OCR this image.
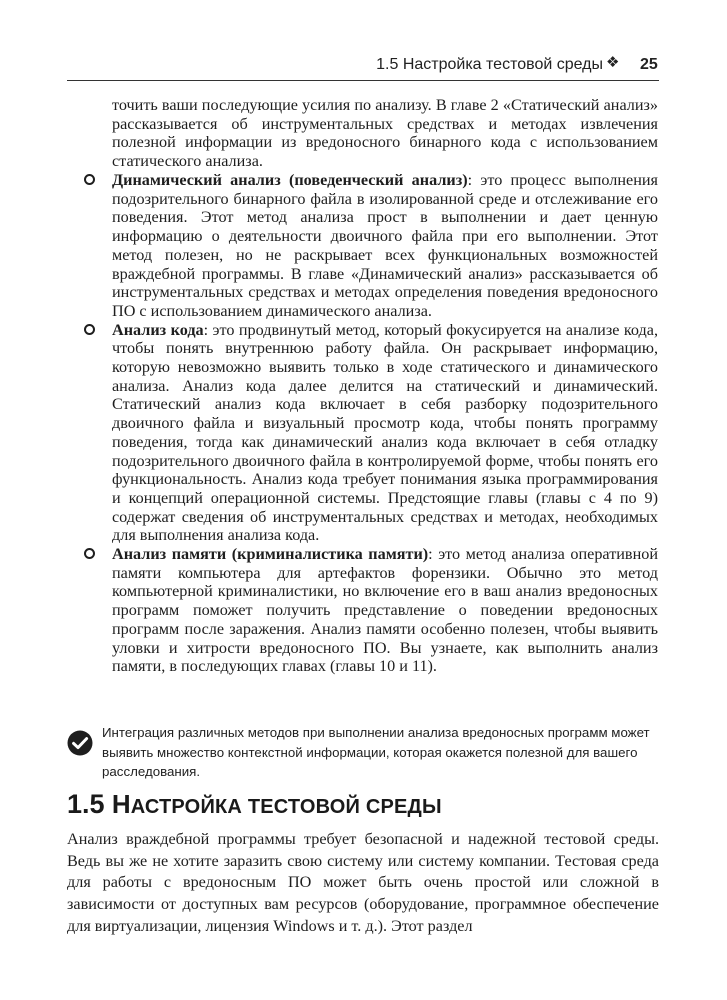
1.5 Настройка тестовой среды ❖ 25

точить ваши последующие усилия по анализу. В главе 2 «Статический анализ» рассказывается об инструментальных средствах и методах извлечения полезной информации из вредоносного бинарного кода с использованием статического анализа.

Динамический анализ (поведенческий анализ): это процесс выполнения подозрительного бинарного файла в изолированной среде и отслеживание его поведения. Этот метод анализа прост в выполнении и дает ценную информацию о деятельности двоичного файла при его выполнении. Этот метод полезен, но не раскрывает всех функциональных возможностей враждебной программы. В главе «Динамический анализ» рассказывается об инструментальных средствах и методах определения поведения вредоносного ПО с использованием динамического анализа.
Анализ кода: это продвинутый метод, который фокусируется на анализе кода, чтобы понять внутреннюю работу файла. Он раскрывает информацию, которую невозможно выявить только в ходе статического и динамического анализа. Анализ кода далее делится на статический и динамический. Статический анализ кода включает в себя разборку подозрительного двоичного файла и визуальный просмотр кода, чтобы понять программу поведения, тогда как динамический анализ кода включает в себя отладку подозрительного двоичного файла в контролируемой форме, чтобы понять его функциональность. Анализ кода требует понимания языка программирования и концепций операционной системы. Предстоящие главы (главы с 4 по 9) содержат сведения об инструментальных средствах и методах, необходимых для выполнения анализа кода.
Анализ памяти (криминалистика памяти): это метод анализа оперативной памяти компьютера для артефактов форензики. Обычно это метод компьютерной криминалистики, но включение его в ваш анализ вредоносных программ поможет получить представление о поведении вредоносных программ после заражения. Анализ памяти особенно полезен, чтобы выявить уловки и хитрости вредоносного ПО. Вы узнаете, как выполнить анализ памяти, в последующих главах (главы 10 и 11).

Интеграция различных методов при выполнении анализа вредоносных программ может выявить множество контекстной информации, которая окажется полезной для вашего расследования.

1.5 НАСТРОЙКА ТЕСТОВОЙ СРЕДЫ

Анализ враждебной программы требует безопасной и надежной тестовой среды. Ведь вы же не хотите заразить свою систему или систему компании. Тестовая среда для работы с вредоносным ПО может быть очень простой или сложной в зависимости от доступных вам ресурсов (оборудование, программное обеспечение для виртуализации, лицензия Windows и т. д.). Этот раздел
